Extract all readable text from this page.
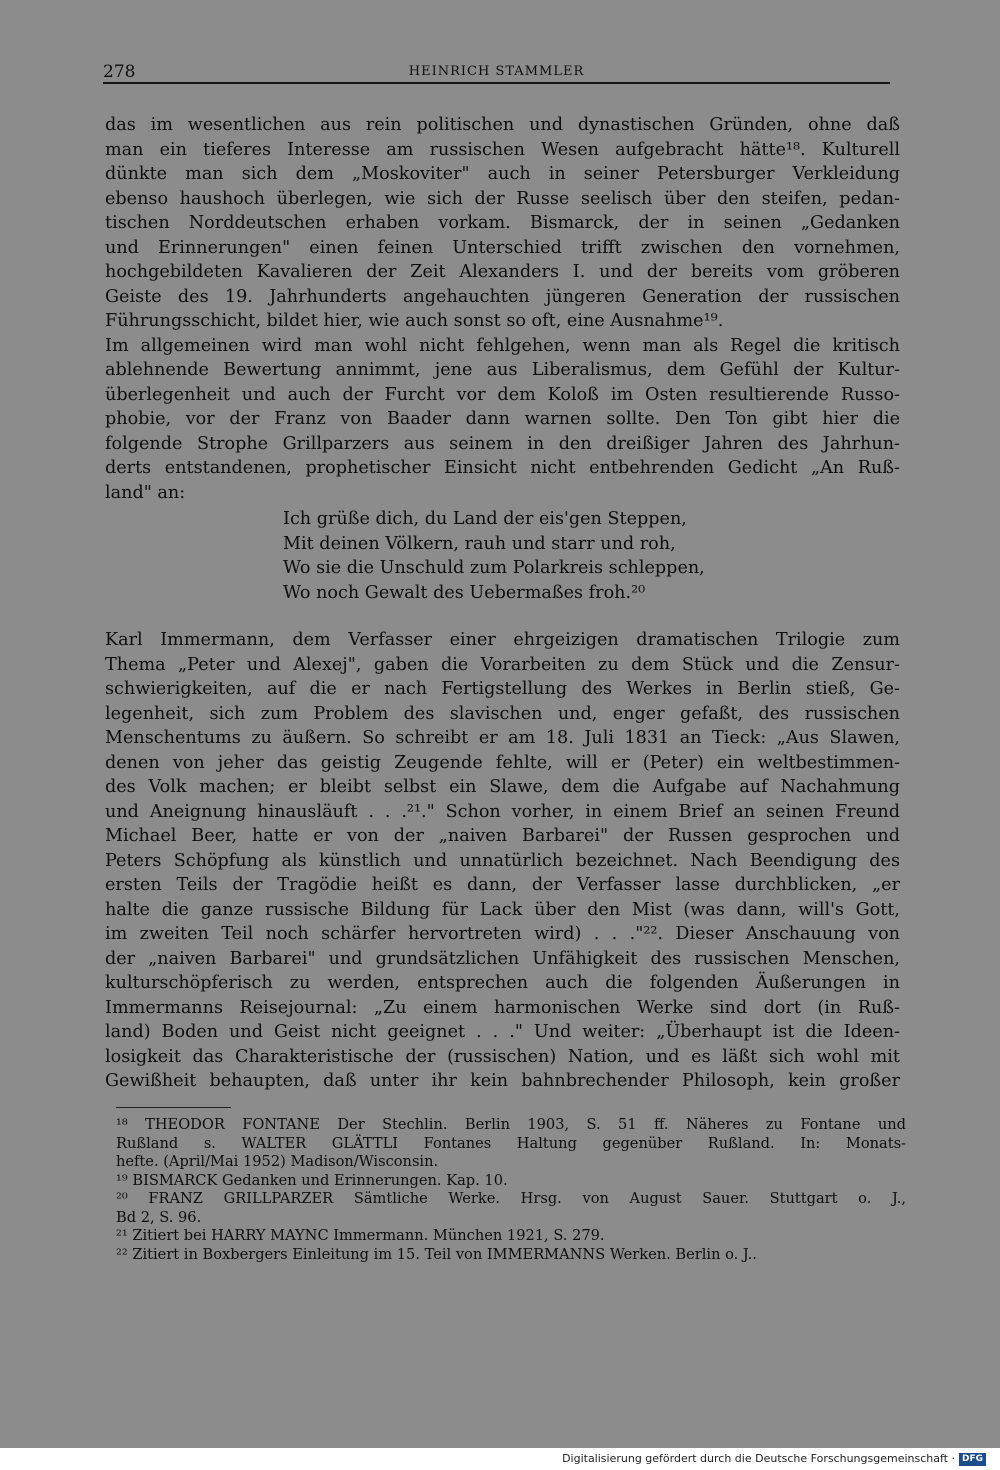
278	HEINRICH STAMMLER
das im wesentlichen aus rein politischen und dynastischen Gründen, ohne daß
man ein tieferes Interesse am russischen Wesen aufgebracht hätte¹⁸. Kulturell
dünkte man sich dem „Moskoviter" auch in seiner Petersburger Verkleidung
ebenso haushoch überlegen, wie sich der Russe seelisch über den steifen, pedan-
tischen Norddeutschen erhaben vorkam. Bismarck, der in seinen „Gedanken
und Erinnerungen" einen feinen Unterschied trifft zwischen den vornehmen,
hochgebildeten Kavalieren der Zeit Alexanders I. und der bereits vom gröberen
Geiste des 19. Jahrhunderts angehauchten jüngeren Generation der russischen
Führungsschicht, bildet hier, wie auch sonst so oft, eine Ausnahme¹⁹.
Im allgemeinen wird man wohl nicht fehlgehen, wenn man als Regel die kritisch
ablehnende Bewertung annimmt, jene aus Liberalismus, dem Gefühl der Kultur-
überlegenheit und auch der Furcht vor dem Koloß im Osten resultierende Russo-
phobie, vor der Franz von Baader dann warnen sollte. Den Ton gibt hier die
folgende Strophe Grillparzers aus seinem in den dreißiger Jahren des Jahrhun-
derts entstandenen, prophetischer Einsicht nicht entbehrenden Gedicht „An Ruß-
land" an:
Ich grüße dich, du Land der eis'gen Steppen,
Mit deinen Völkern, rauh und starr und roh,
Wo sie die Unschuld zum Polarkreis schleppen,
Wo noch Gewalt des Uebermaßes froh.²⁰
Karl Immermann, dem Verfasser einer ehrgeizigen dramatischen Trilogie zum
Thema „Peter und Alexej", gaben die Vorarbeiten zu dem Stück und die Zensur-
schwierigkeiten, auf die er nach Fertigstellung des Werkes in Berlin stieß, Ge-
legenheit, sich zum Problem des slavischen und, enger gefaßt, des russischen
Menschentums zu äußern. So schreibt er am 18. Juli 1831 an Tieck: „Aus Slawen,
denen von jeher das geistig Zeugende fehlte, will er (Peter) ein weltbestimmen-
des Volk machen; er bleibt selbst ein Slawe, dem die Aufgabe auf Nachahmung
und Aneignung hinausläuft . . .²¹." Schon vorher, in einem Brief an seinen Freund
Michael Beer, hatte er von der „naiven Barbarei" der Russen gesprochen und
Peters Schöpfung als künstlich und unnatürlich bezeichnet. Nach Beendigung des
ersten Teils der Tragödie heißt es dann, der Verfasser lasse durchblicken, „er
halte die ganze russische Bildung für Lack über den Mist (was dann, will's Gott,
im zweiten Teil noch schärfer hervortreten wird) . . ."²². Dieser Anschauung von
der „naiven Barbarei" und grundsätzlichen Unfähigkeit des russischen Menschen,
kulturschöpferisch zu werden, entsprechen auch die folgenden Äußerungen in
Immermanns Reisejournal: „Zu einem harmonischen Werke sind dort (in Ruß-
land) Boden und Geist nicht geeignet . . ." Und weiter: „Überhaupt ist die Ideen-
losigkeit das Charakteristische der (russischen) Nation, und es läßt sich wohl mit
Gewißheit behaupten, daß unter ihr kein bahnbrechender Philosoph, kein großer
¹⁸ THEODOR FONTANE Der Stechlin. Berlin 1903, S. 51 ff. Näheres zu Fontane und
Rußland s. WALTER GLÄTTLI Fontanes Haltung gegenüber Rußland. In: Monats-
hefte. (April/Mai 1952) Madison/Wisconsin.
¹⁹ BISMARCK Gedanken und Erinnerungen. Kap. 10.
²⁰ FRANZ GRILLPARZER Sämtliche Werke. Hrsg. von August Sauer. Stuttgart o. J.,
Bd 2, S. 96.
²¹ Zitiert bei HARRY MAYNC Immermann. München 1921, S. 279.
²² Zitiert in Boxbergers Einleitung im 15. Teil von IMMERMANNS Werken. Berlin o. J..
Digitalisierung gefördert durch die Deutsche Forschungsgemeinschaft · DFG
